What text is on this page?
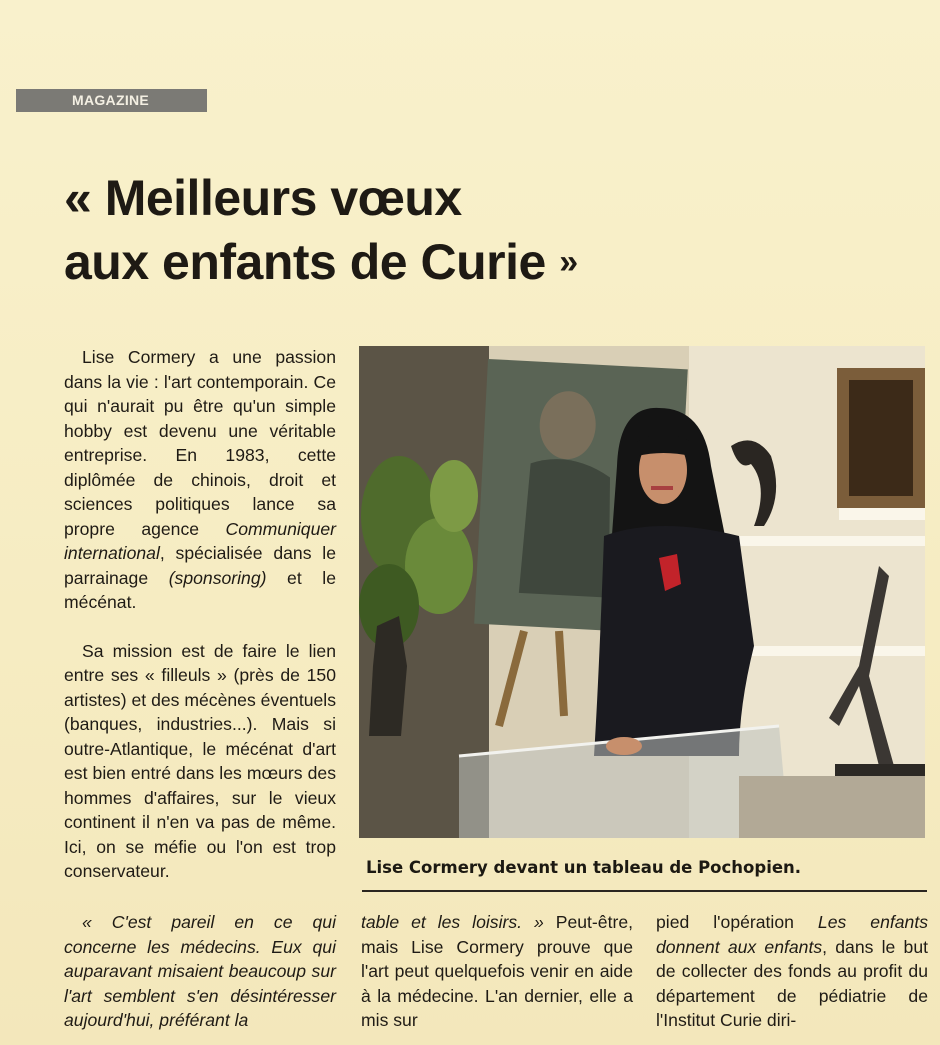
MAGAZINE
« Meilleurs vœux
aux enfants de Curie »

Lise Cormery a une passion dans la vie : l'art contemporain. Ce qui n'aurait pu être qu'un simple hobby est devenu une véritable entreprise. En 1983, cette diplômée de chinois, droit et sciences politiques lance sa propre agence Communiquer international, spécialisée dans le parrainage (sponsoring) et le mécénat.

Sa mission est de faire le lien entre ses « filleuls » (près de 150 artistes) et des mécènes éventuels (banques, industries...). Mais si outre-Atlantique, le mécénat d'art est bien entré dans les mœurs des hommes d'affaires, sur le vieux continent il n'en va pas de même. Ici, on se méfie ou l'on est trop conservateur.	Lise Cormery devant un tableau de Pochopien.

« C'est pareil en ce qui concerne les médecins. Eux qui auparavant misaient beaucoup sur l'art semblent s'en désintéresser aujourd'hui, préférant la

table et les loisirs. » Peut-être, mais Lise Cormery prouve que l'art peut quelquefois venir en aide à la médecine. L'an dernier, elle a mis sur

pied l'opération Les enfants donnent aux enfants, dans le but de collecter des fonds au profit du département de pédiatrie de l'Institut Curie diri-
